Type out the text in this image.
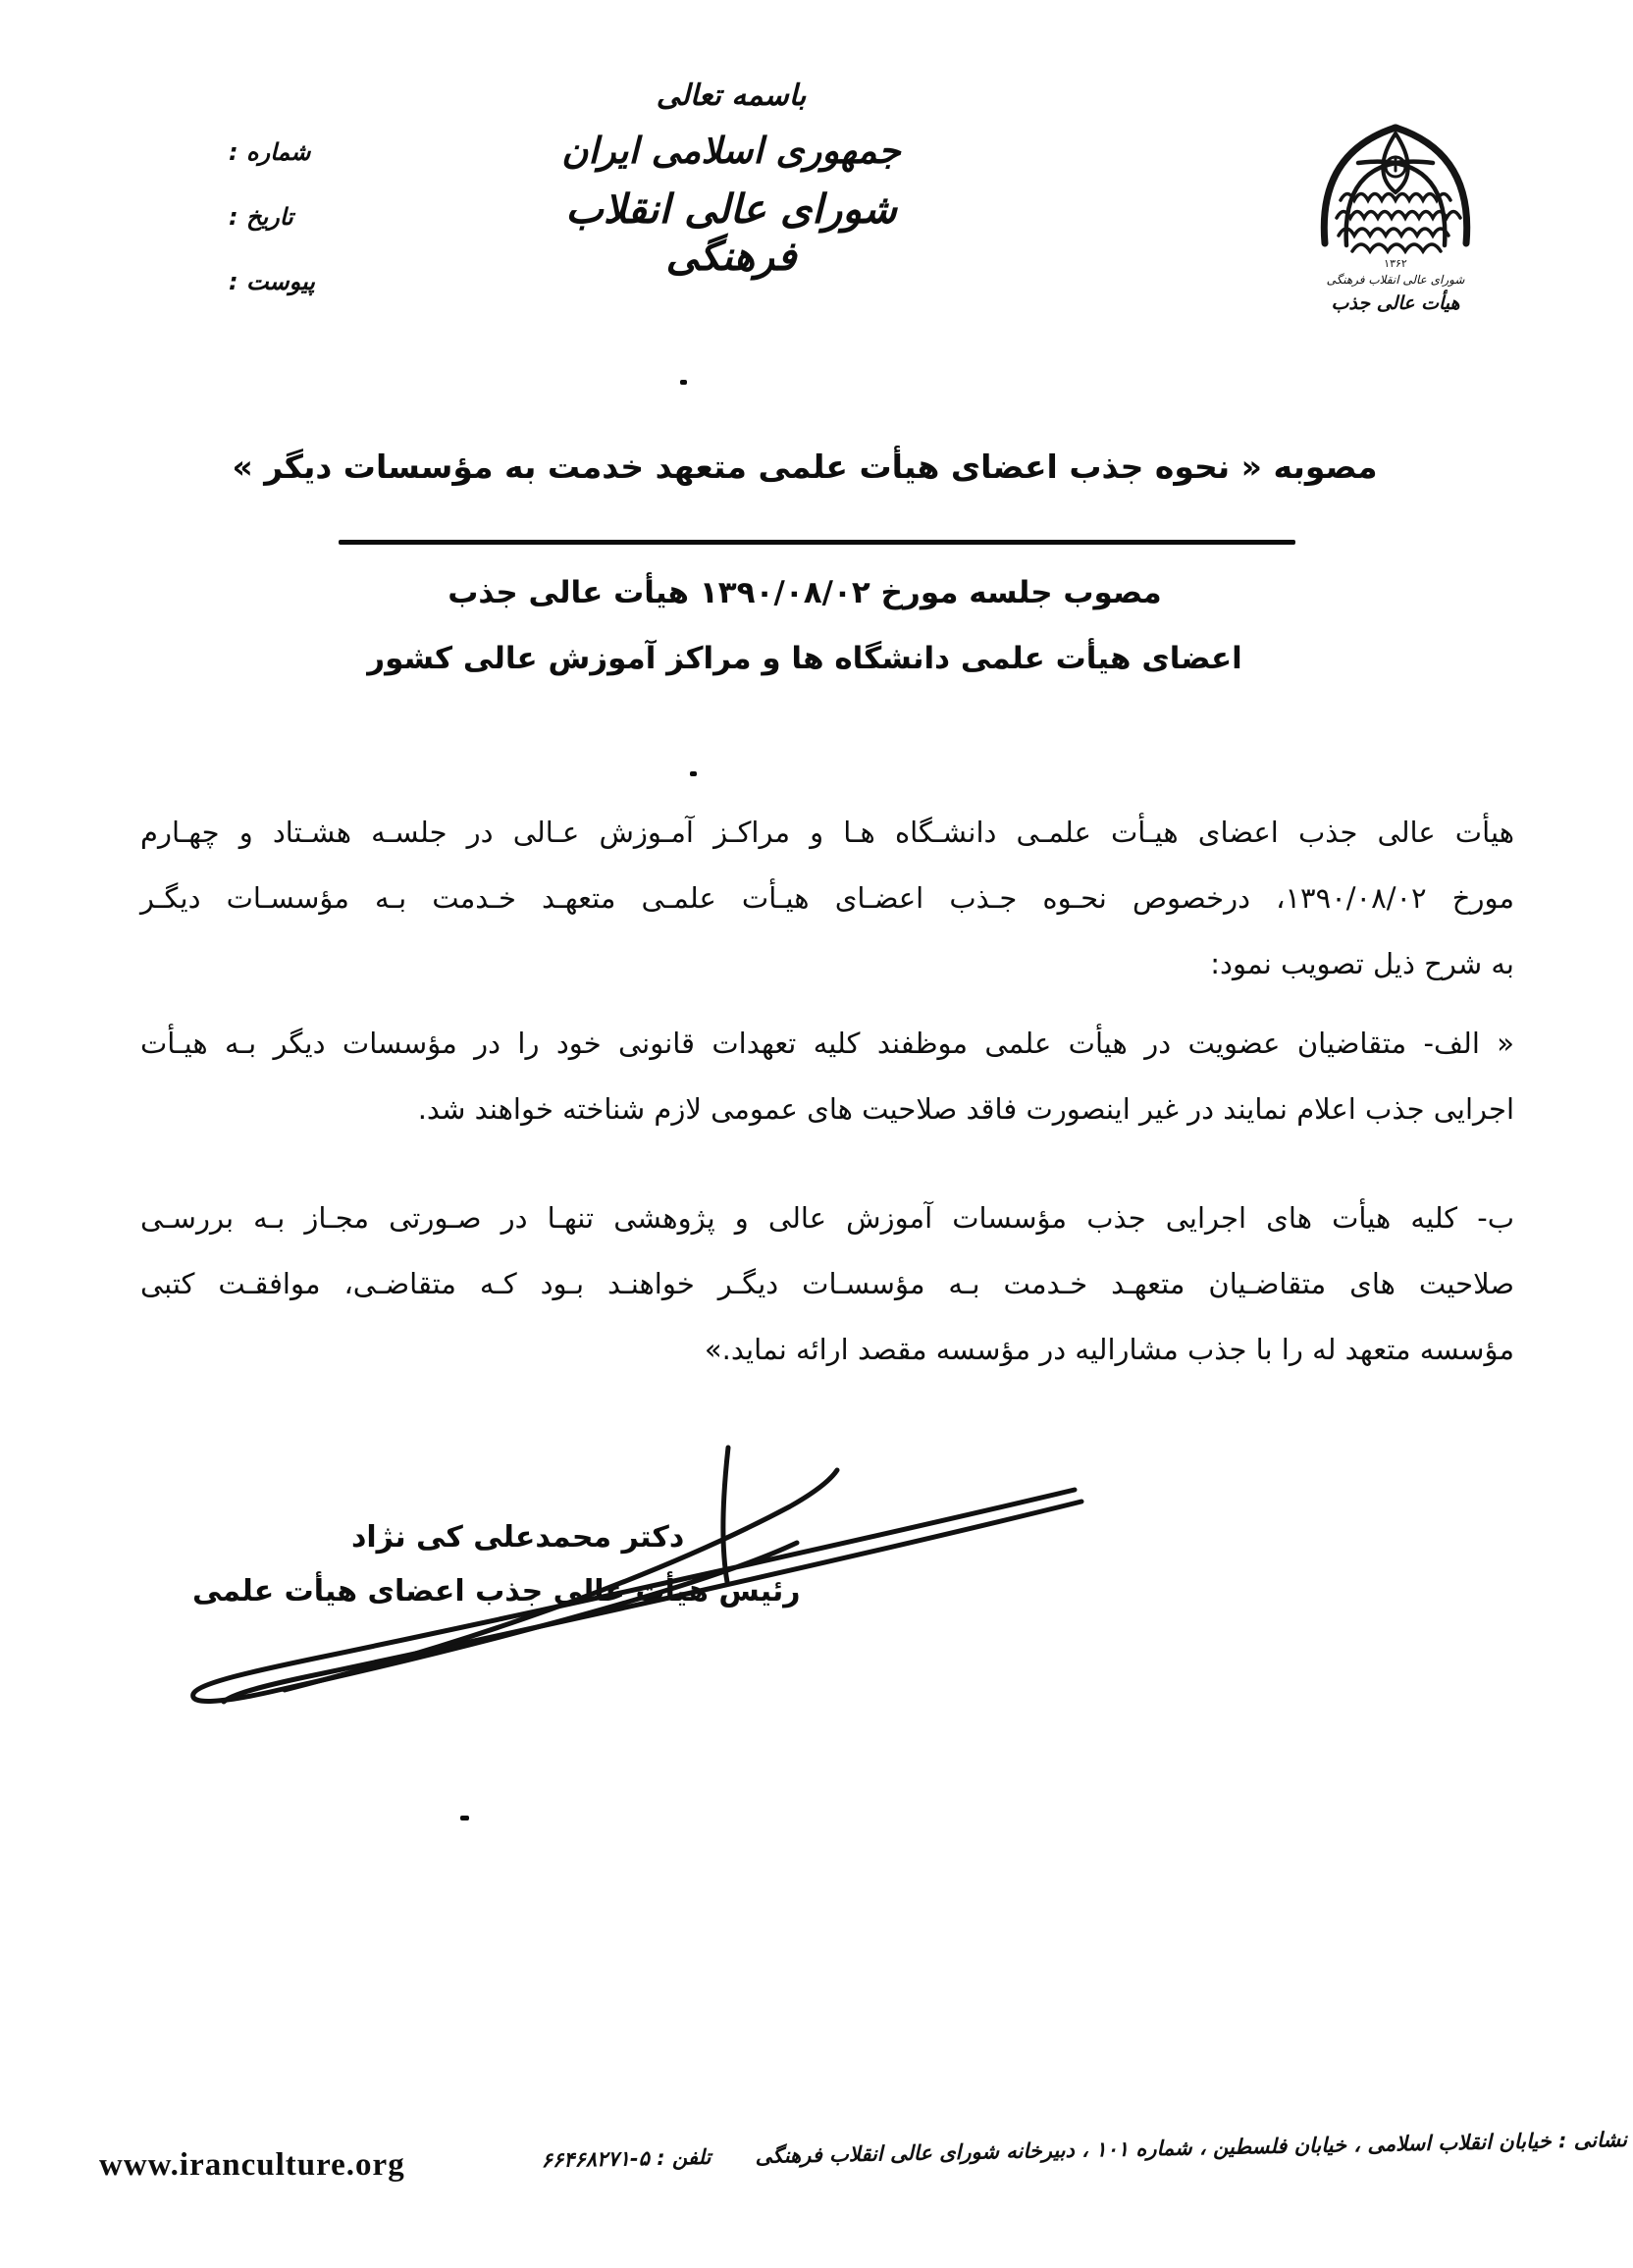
شماره :
تاریخ :
پیوست :
باسمه تعالی
جمهوری اسلامی ایران
شورای عالی انقلاب فرهنگی	۱۳۶۲
شورای عالی انقلاب فرهنگی
هیأت عالی جذب
مصوبه « نحوه جذب اعضای هیأت علمی متعهد خدمت به مؤسسات دیگر »
مصوب جلسه مورخ ۱۳۹۰/۰۸/۰۲ هیأت عالی جذب
اعضای هیأت علمی دانشگاه ها و مراکز آموزش عالی کشور
هیأت عالی جذب اعضای هیـأت علمـی دانشـگاه هـا و مراکـز آمـوزش عـالی در جلسـه هشـتاد و چهـارم
مورخ ۱۳۹۰/۰۸/۰۲، درخصوص نحـوه جـذب اعضـای هیـأت علمـی متعهـد خـدمت بـه مؤسسـات دیگـر
به شرح ذیل تصویب نمود:
« الف- متقاضیان عضویت در هیأت علمی موظفند کلیه تعهدات قانونی خود را در مؤسسات دیگر بـه هیـأت
اجرایی جذب اعلام نمایند در غیر اینصورت فاقد صلاحیت های عمومی لازم شناخته خواهند شد.
ب- کلیه هیأت های اجرایی جذب مؤسسات آموزش عالی و پژوهشی تنهـا در صـورتی مجـاز بـه بررسـی
صلاحیت های متقاضـیان متعهـد خـدمت بـه مؤسسـات دیگـر خواهنـد بـود کـه متقاضـی، موافقـت کتبی
مؤسسه متعهد له را با جذب مشارالیه در مؤسسه مقصد ارائه نماید.»
دکتر محمدعلی کی نژاد
رئیس هیأت عالی جذب اعضای هیأت علمی
www.iranculture.org	نشانی : خیابان انقلاب اسلامی ، خیابان فلسطین ، شماره ۱۰۱ ، دبیرخانه شورای عالی انقلاب فرهنگی تلفن : ۵-۶۶۴۶۸۲۷۱
